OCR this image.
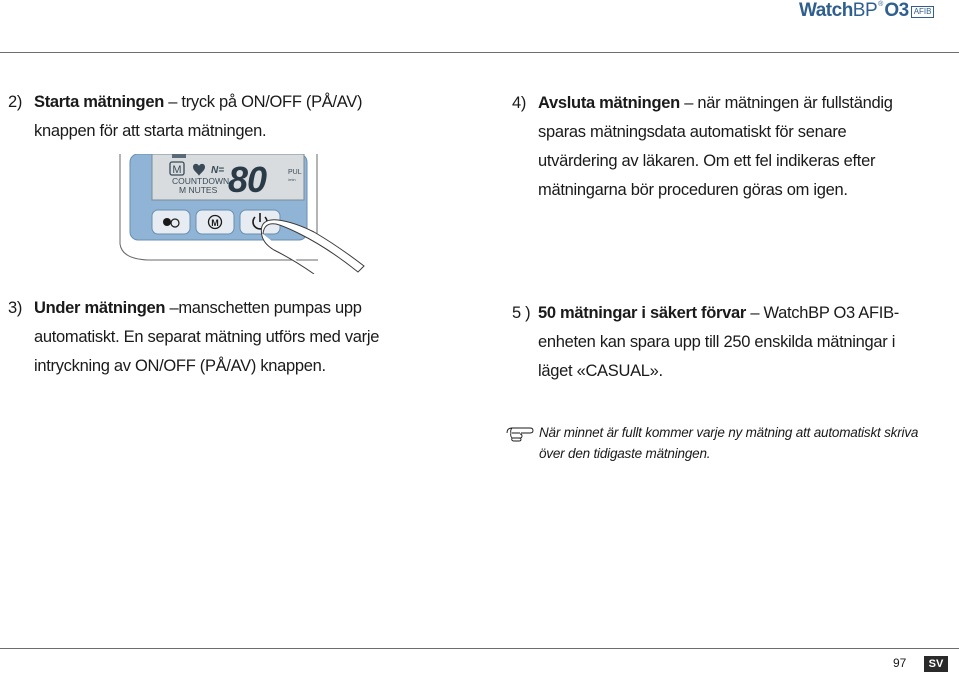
WatchBP ® O3 AFIB
2) Starta mätningen – tryck på ON/OFF (PÅ/AV)
knappen för att starta mätningen.
M	N= 80
COUNTDOWN
M NUTES
PUL
/min
M
3) Under mätningen –manschetten pumpas upp
automatiskt. En separat mätning utförs med varje
intryckning av ON/OFF (PÅ/AV) knappen.
4) Avsluta mätningen – när mätningen är fullständig
sparas mätningsdata automatiskt för senare
utvärdering av läkaren. Om ett fel indikeras efter
mätningarna bör proceduren göras om igen.
5 ) 50 mätningar i säkert förvar – WatchBP O3 AFIB-
enheten kan spara upp till 250 enskilda mätningar i
läget «CASUAL».
När minnet är fullt kommer varje ny mätning att automatiskt skriva
över den tidigaste mätningen.
97	SV
